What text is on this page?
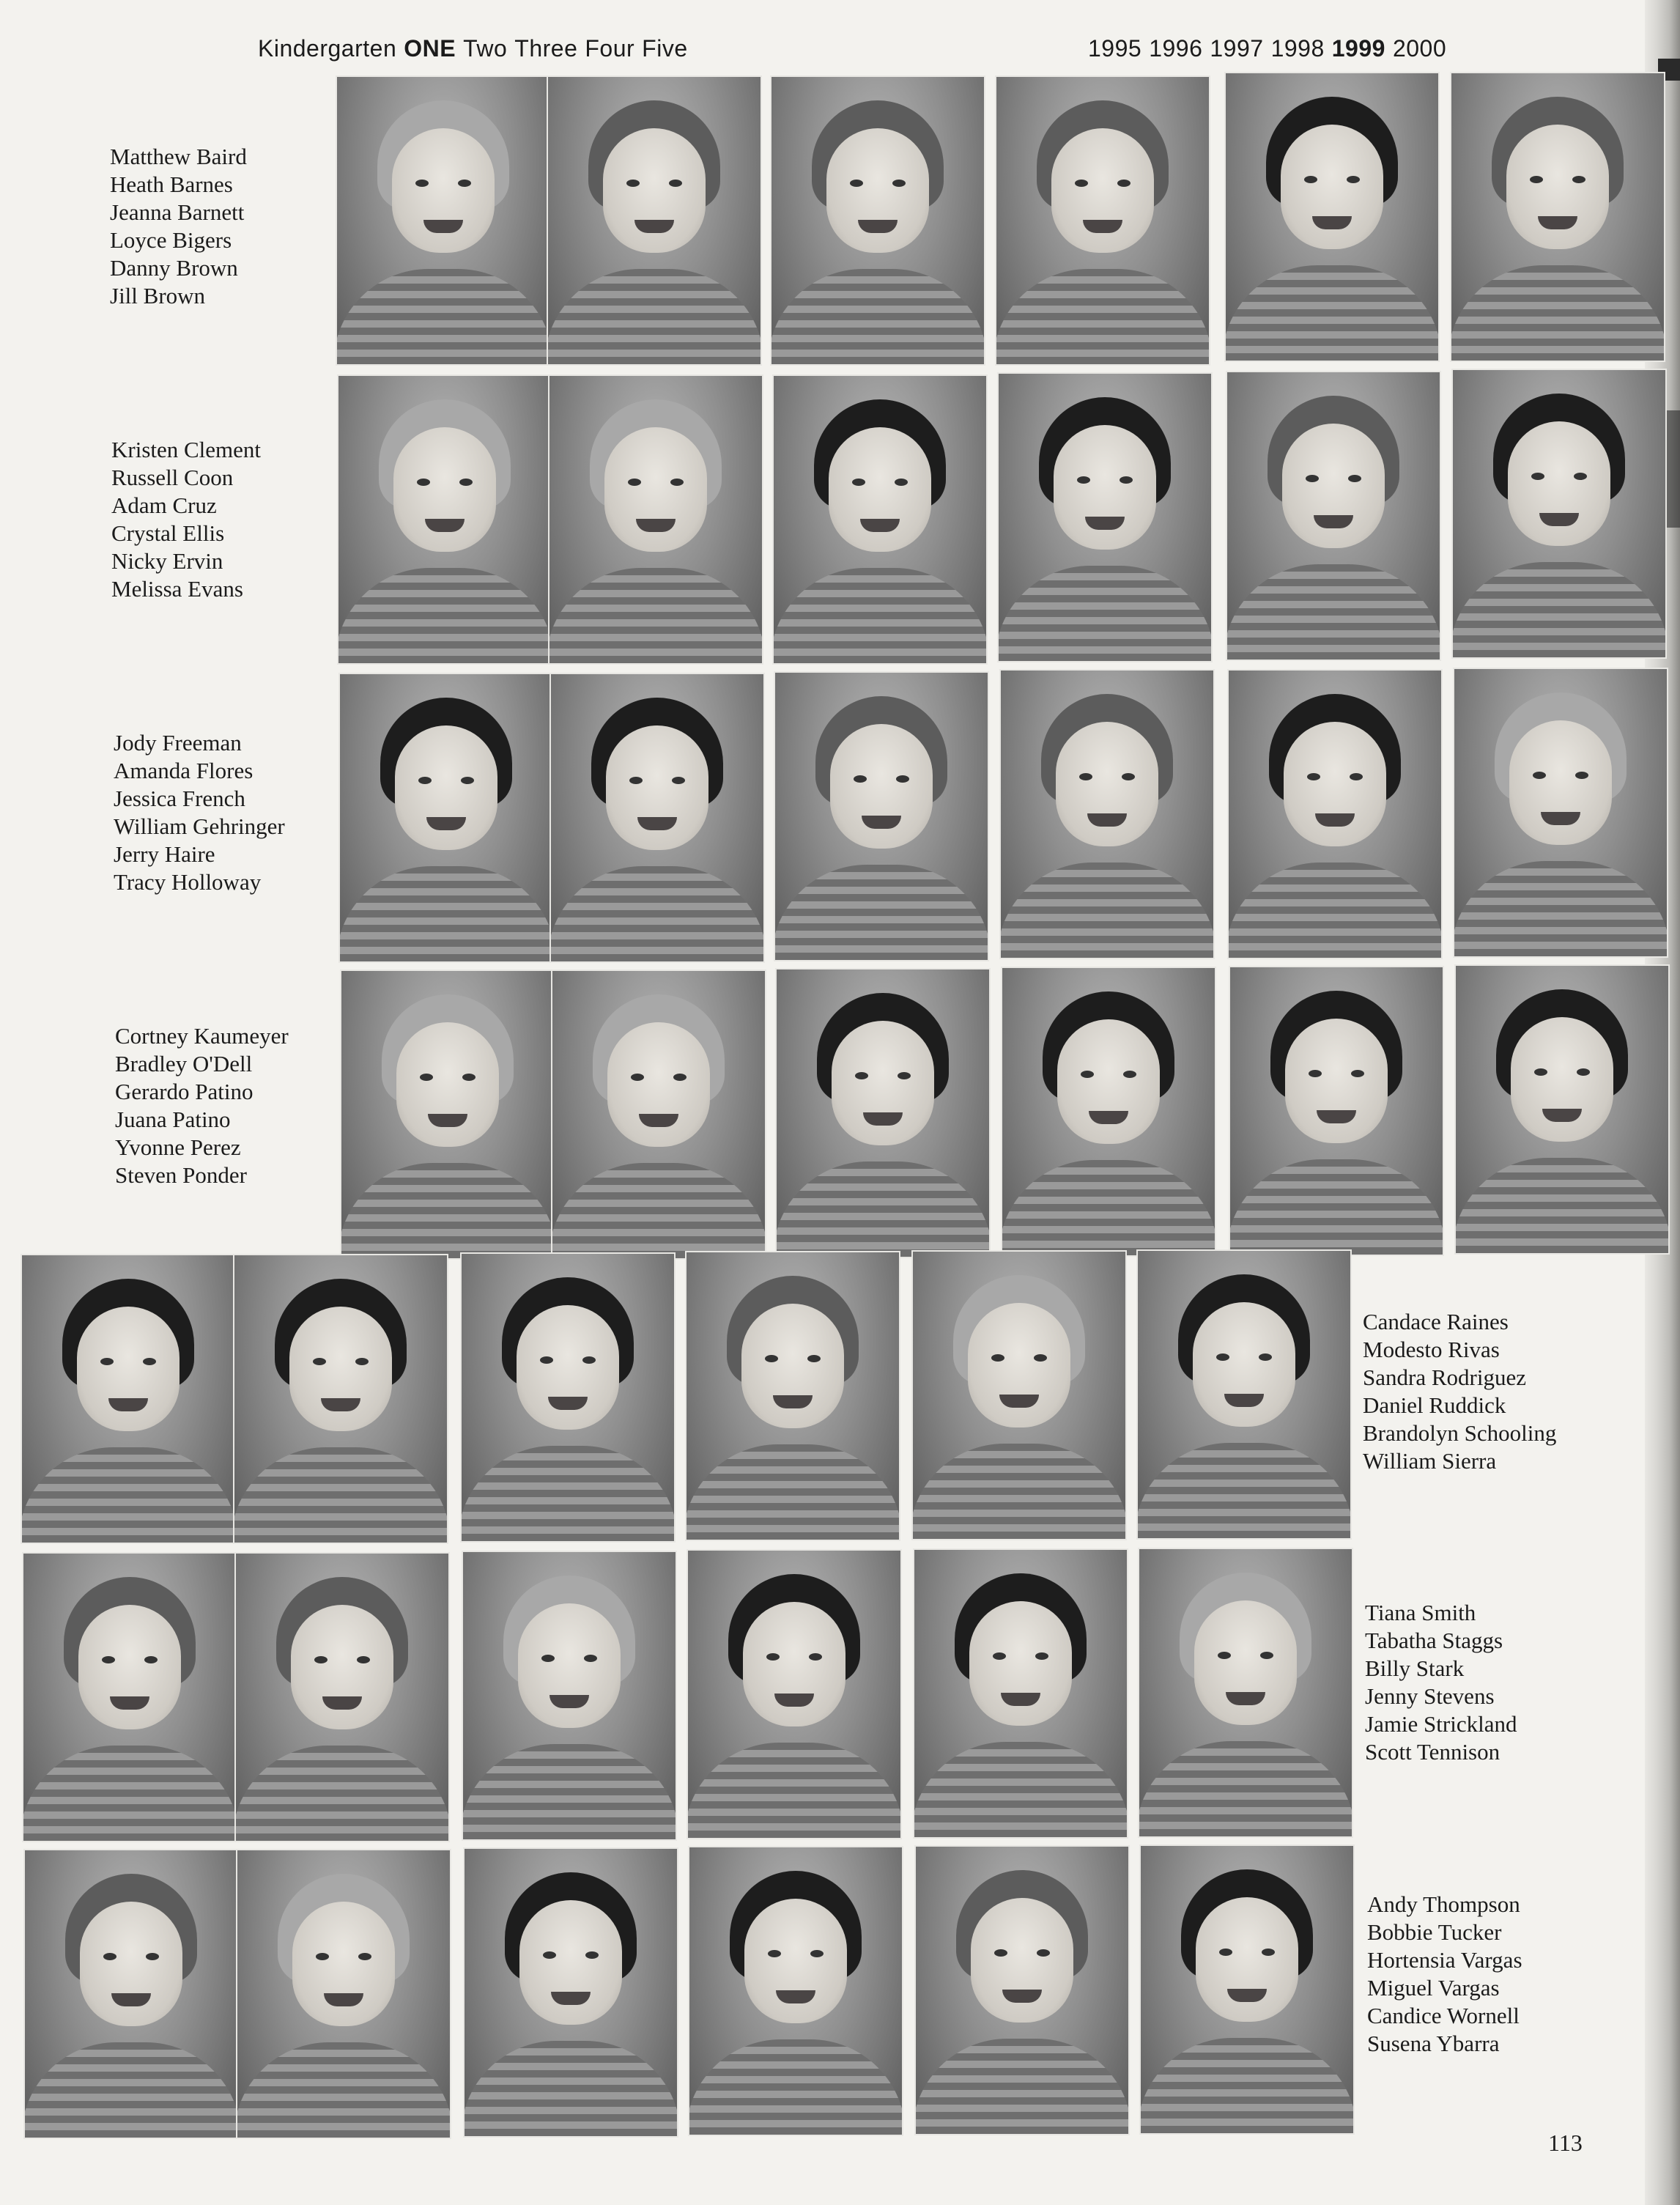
Kindergarten ONE Two Three Four Five	1995 1996 1997 1998 1999 2000
Matthew Baird
Heath Barnes
Jeanna Barnett
Loyce Bigers
Danny Brown
Jill Brown
Kristen Clement
Russell Coon
Adam Cruz
Crystal Ellis
Nicky Ervin
Melissa Evans
Jody Freeman
Amanda Flores
Jessica French
William Gehringer
Jerry Haire
Tracy Holloway
Cortney Kaumeyer
Bradley O'Dell
Gerardo Patino
Juana Patino
Yvonne Perez
Steven Ponder
Candace Raines
Modesto Rivas
Sandra Rodriguez
Daniel Ruddick
Brandolyn Schooling
William Sierra
Tiana Smith
Tabatha Staggs
Billy Stark
Jenny Stevens
Jamie Strickland
Scott Tennison
Andy Thompson
Bobbie Tucker
Hortensia Vargas
Miguel Vargas
Candice Wornell
Susena Ybarra
113
